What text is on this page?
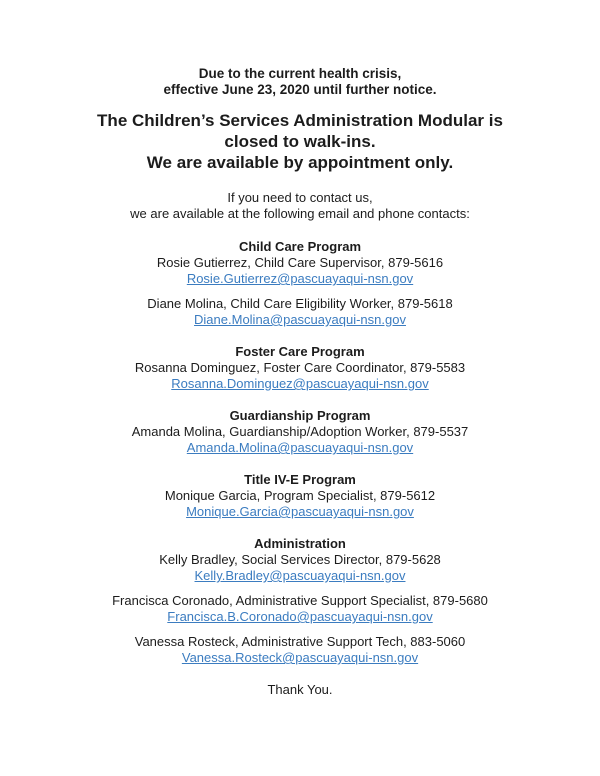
Due to the current health crisis,
effective June 23, 2020 until further notice.
The Children’s Services Administration Modular is
closed to walk-ins.
We are available by appointment only.
If you need to contact us,
we are available at the following email and phone contacts:
Child Care Program
Rosie Gutierrez, Child Care Supervisor, 879-5616
Rosie.Gutierrez@pascuayaqui-nsn.gov
Diane Molina, Child Care Eligibility Worker, 879-5618
Diane.Molina@pascuayaqui-nsn.gov
Foster Care Program
Rosanna Dominguez, Foster Care Coordinator, 879-5583
Rosanna.Dominguez@pascuayaqui-nsn.gov
Guardianship Program
Amanda Molina, Guardianship/Adoption Worker, 879-5537
Amanda.Molina@pascuayaqui-nsn.gov
Title IV-E Program
Monique Garcia, Program Specialist, 879-5612
Monique.Garcia@pascuayaqui-nsn.gov
Administration
Kelly Bradley, Social Services Director, 879-5628
Kelly.Bradley@pascuayaqui-nsn.gov
Francisca Coronado, Administrative Support Specialist, 879-5680
Francisca.B.Coronado@pascuayaqui-nsn.gov
Vanessa Rosteck, Administrative Support Tech, 883-5060
Vanessa.Rosteck@pascuayaqui-nsn.gov
Thank You.
